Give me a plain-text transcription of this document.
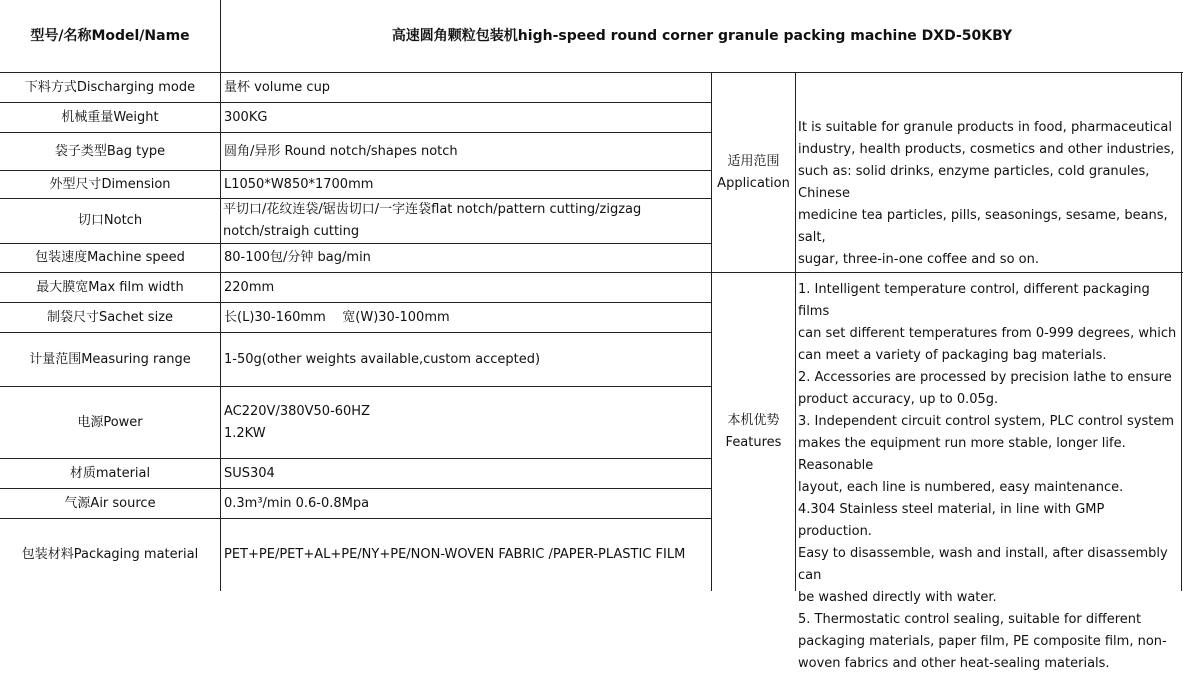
型号/名称Model/Name	高速圆角颗粒包装机high-speed round corner granule packing machine DXD-50KBY
下料方式Discharging mode
机械重量Weight
袋子类型Bag type
外型尺寸Dimension
切口Notch
包装速度Machine speed
最大膜宽Max film width
制袋尺寸Sachet size
计量范围Measuring range
电源Power
材质material
气源Air source
包装材料Packaging material
量杯 volume cup
300KG
圆角/异形 Round notch/shapes notch
L1050*W850*1700mm
平切口/花纹连袋/锯齿切口/一字连袋flat notch/pattern cutting/zigzag
notch/straigh cutting
80-100包/分钟 bag/min
220mm
长(L)30-160mm    宽(W)30-100mm
1-50g(other weights available,custom accepted)
AC220V/380V50-60HZ
1.2KW
SUS304
0.3m³/min 0.6-0.8Mpa
PET+PE/PET+AL+PE/NY+PE/NON-WOVEN FABRIC /PAPER-PLASTIC FILM
适用范围
Application
It is suitable for granule products in food, pharmaceutical
industry, health products, cosmetics and other industries,
such as: solid drinks, enzyme particles, cold granules, Chinese
medicine tea particles, pills, seasonings, sesame, beans, salt,
sugar, three-in-one coffee and so on.
本机优势
Features
1. Intelligent temperature control, different packaging films
can set different temperatures from 0-999 degrees, which
can meet a variety of packaging bag materials.
2. Accessories are processed by precision lathe to ensure
product accuracy, up to 0.05g.
3. Independent circuit control system, PLC control system
makes the equipment run more stable, longer life. Reasonable
layout, each line is numbered, easy maintenance.
4.304 Stainless steel material, in line with GMP production.
Easy to disassemble, wash and install, after disassembly can
be washed directly with water.
5. Thermostatic control sealing, suitable for different
packaging materials, paper film, PE composite film, non-
woven fabrics and other heat-sealing materials.
